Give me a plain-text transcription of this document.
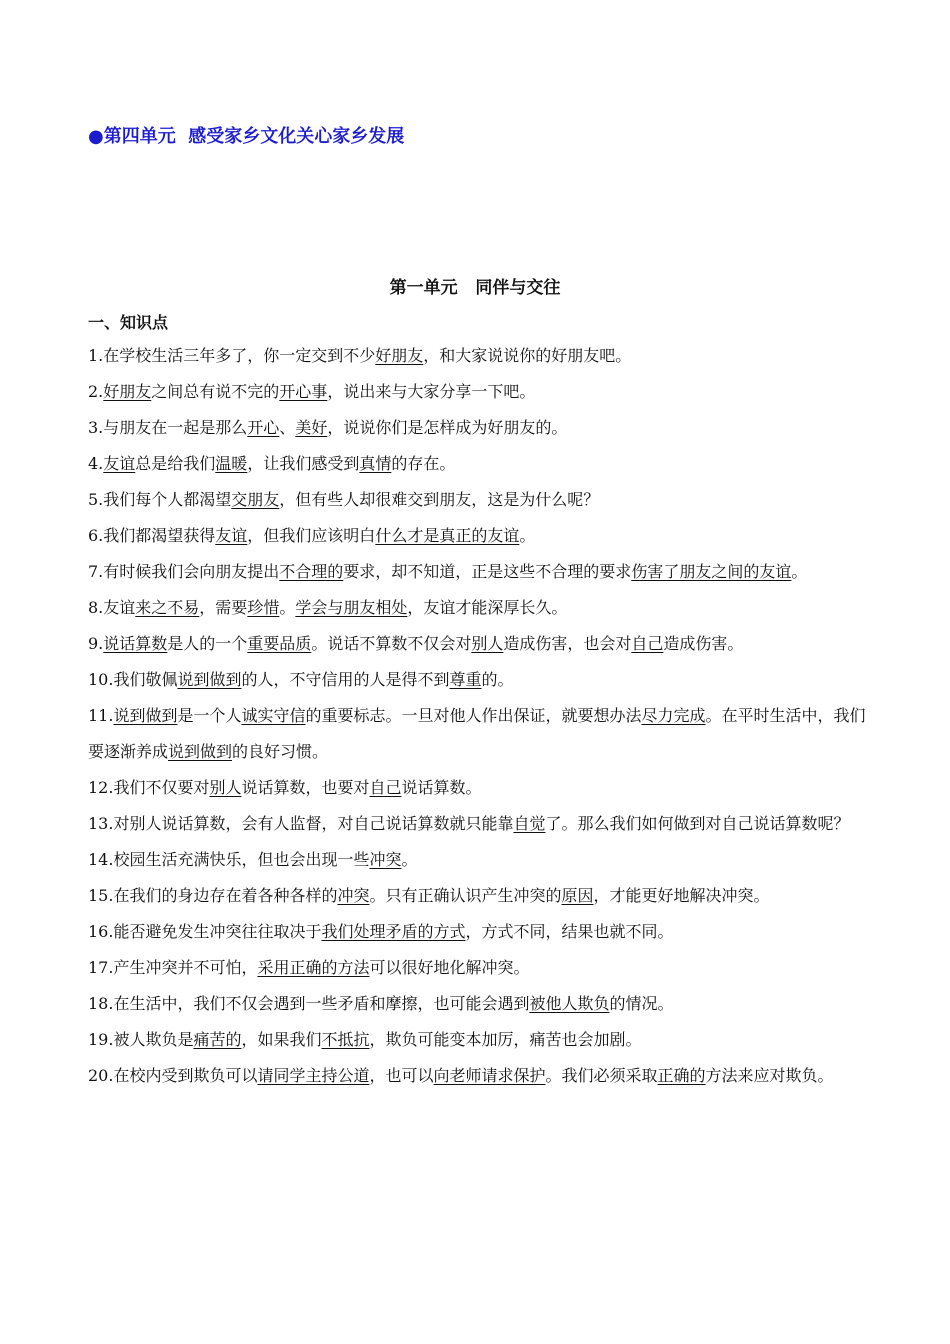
●第四单元 感受家乡文化关心家乡发展
第一单元 同伴与交往
一、知识点
1.在学校生活三年多了，你一定交到不少好朋友，和大家说说你的好朋友吧。
2.好朋友之间总有说不完的开心事，说出来与大家分享一下吧。
3.与朋友在一起是那么开心、美好，说说你们是怎样成为好朋友的。
4.友谊总是给我们温暖，让我们感受到真情的存在。
5.我们每个人都渴望交朋友，但有些人却很难交到朋友，这是为什么呢？
6.我们都渴望获得友谊，但我们应该明白什么才是真正的友谊。
7.有时候我们会向朋友提出不合理的要求，却不知道，正是这些不合理的要求伤害了朋友之间的友谊。
8.友谊来之不易，需要珍惜。学会与朋友相处，友谊才能深厚长久。
9.说话算数是人的一个重要品质。说话不算数不仅会对别人造成伤害，也会对自己造成伤害。
10.我们敬佩说到做到的人，不守信用的人是得不到尊重的。
11.说到做到是一个人诚实守信的重要标志。一旦对他人作出保证，就要想办法尽力完成。在平时生活中，我们要逐渐养成说到做到的良好习惯。
12.我们不仅要对别人说话算数，也要对自己说话算数。
13.对别人说话算数，会有人监督，对自己说话算数就只能靠自觉了。那么我们如何做到对自己说话算数呢？
14.校园生活充满快乐，但也会出现一些冲突。
15.在我们的身边存在着各种各样的冲突。只有正确认识产生冲突的原因，才能更好地解决冲突。
16.能否避免发生冲突往往取决于我们处理矛盾的方式，方式不同，结果也就不同。
17.产生冲突并不可怕，采用正确的方法可以很好地化解冲突。
18.在生活中，我们不仅会遇到一些矛盾和摩擦，也可能会遇到被他人欺负的情况。
19.被人欺负是痛苦的，如果我们不抵抗，欺负可能变本加厉，痛苦也会加剧。
20.在校内受到欺负可以请同学主持公道，也可以向老师请求保护。我们必须采取正确的方法来应对欺负。
